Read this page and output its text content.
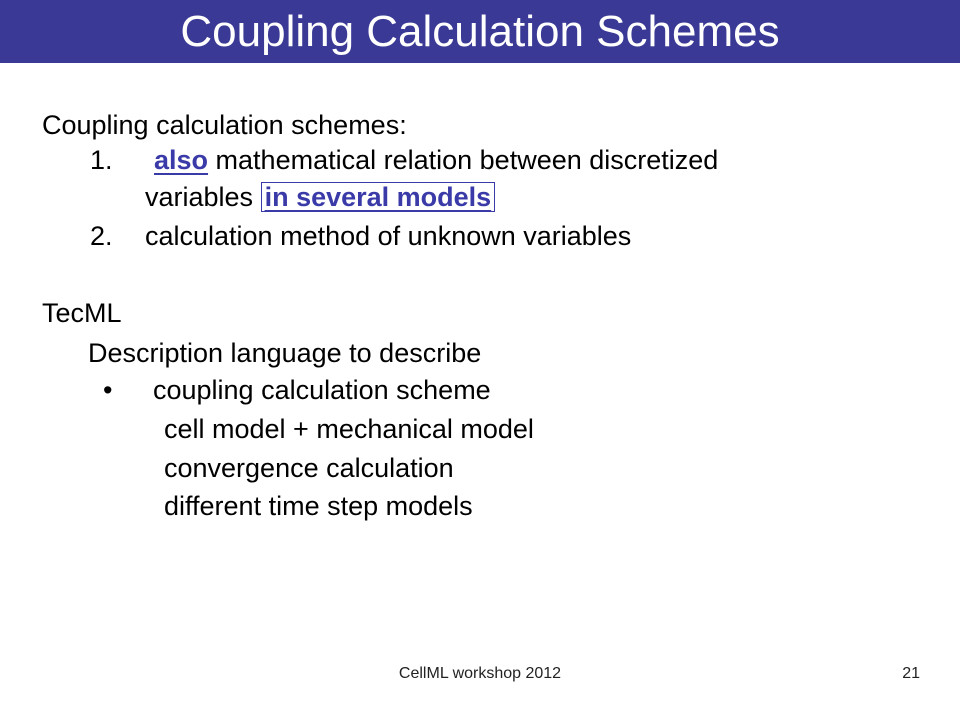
Coupling Calculation Schemes
Coupling calculation schemes:
1. also mathematical relation between discretized
variables in several models
2. calculation method of unknown variables
TecML
Description language to describe
• coupling calculation scheme
cell model + mechanical model
convergence calculation
different time step models
CellML workshop 2012	21
